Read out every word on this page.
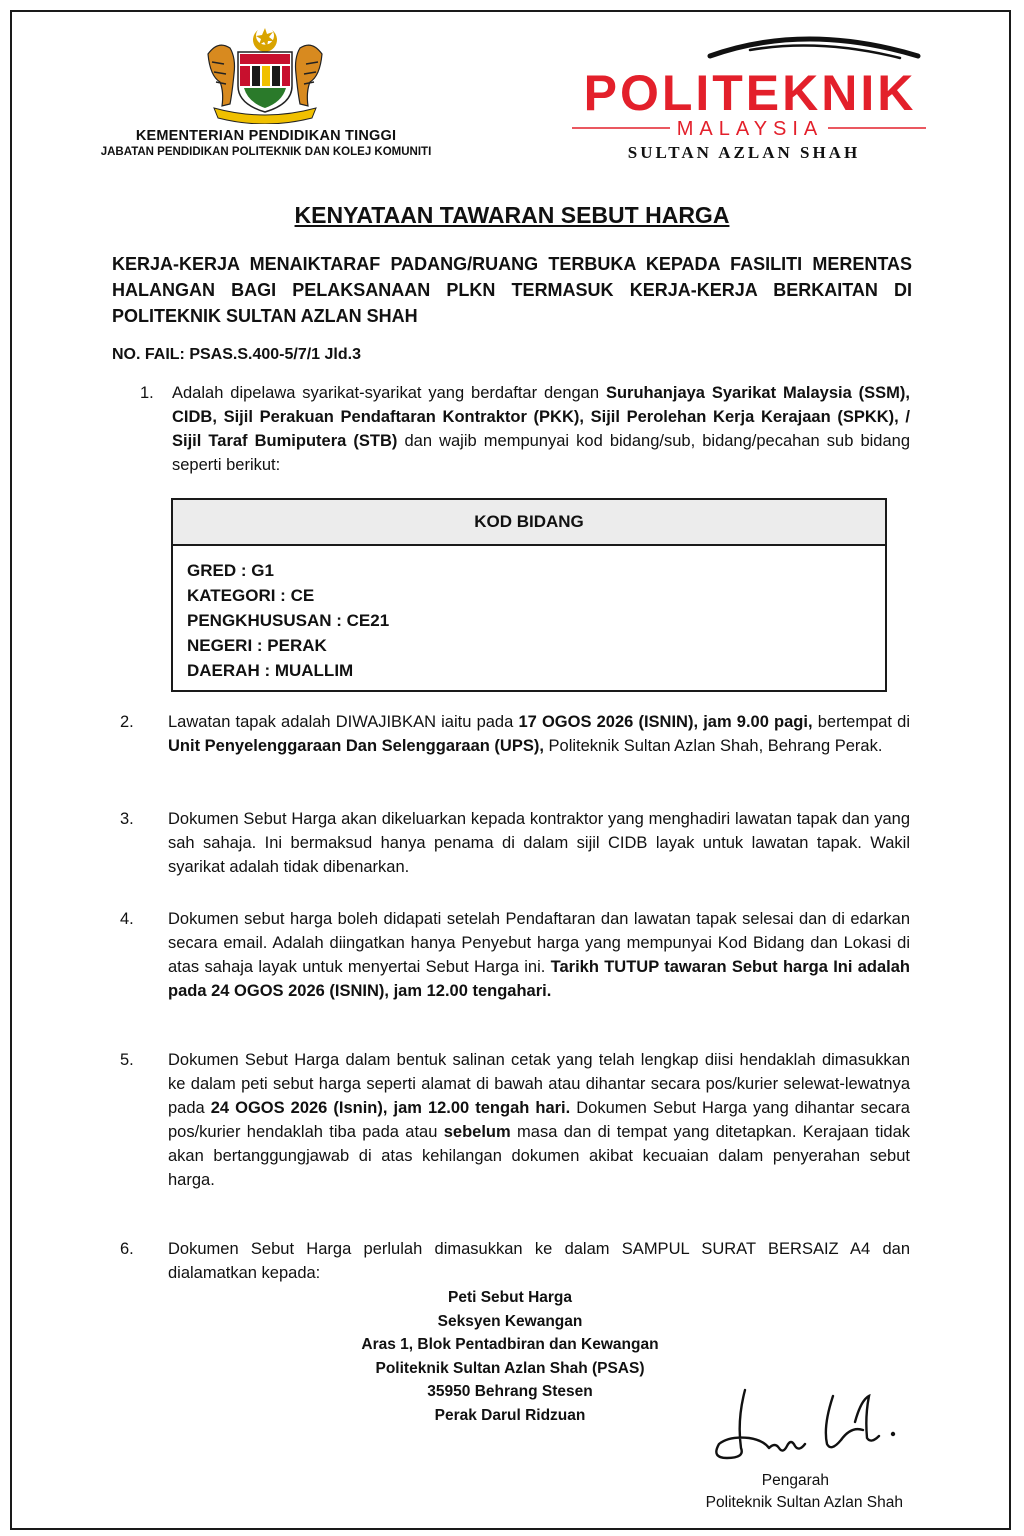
KEMENTERIAN PENDIDIKAN TINGGI
JABATAN PENDIDIKAN POLITEKNIK DAN KOLEJ KOMUNITI
POLITEKNIK
MALAYSIA
SULTAN AZLAN SHAH
KENYATAAN TAWARAN SEBUT HARGA
KERJA-KERJA MENAIKTARAF PADANG/RUANG TERBUKA KEPADA FASILITI MERENTAS HALANGAN BAGI PELAKSANAAN PLKN TERMASUK KERJA-KERJA BERKAITAN DI POLITEKNIK SULTAN AZLAN SHAH
NO. FAIL: PSAS.S.400-5/7/1 Jld.3
1.	Adalah dipelawa syarikat-syarikat yang berdaftar dengan Suruhanjaya Syarikat Malaysia (SSM), CIDB, Sijil Perakuan Pendaftaran Kontraktor (PKK), Sijil Perolehan Kerja Kerajaan (SPKK), / Sijil Taraf Bumiputera (STB) dan wajib mempunyai kod bidang/sub, bidang/pecahan sub bidang seperti berikut:
KOD BIDANG
GRED : G1
KATEGORI : CE
PENGKHUSUSAN : CE21
NEGERI : PERAK
DAERAH : MUALLIM
2.	Lawatan tapak adalah DIWAJIBKAN iaitu pada 17 OGOS 2026 (ISNIN), jam 9.00 pagi, bertempat di Unit Penyelenggaraan Dan Selenggaraan (UPS), Politeknik Sultan Azlan Shah, Behrang Perak.
3.	Dokumen Sebut Harga akan dikeluarkan kepada kontraktor yang menghadiri lawatan tapak dan yang sah sahaja. Ini bermaksud hanya penama di dalam sijil CIDB layak untuk lawatan tapak. Wakil syarikat adalah tidak dibenarkan.
4.	Dokumen sebut harga boleh didapati setelah Pendaftaran dan lawatan tapak selesai dan di edarkan secara email. Adalah diingatkan hanya Penyebut harga yang mempunyai Kod Bidang dan Lokasi di atas sahaja layak untuk menyertai Sebut Harga ini. Tarikh TUTUP tawaran Sebut harga Ini adalah pada 24 OGOS 2026 (ISNIN), jam 12.00 tengahari.
5.	Dokumen Sebut Harga dalam bentuk salinan cetak yang telah lengkap diisi hendaklah dimasukkan ke dalam peti sebut harga seperti alamat di bawah atau dihantar secara pos/kurier selewat-lewatnya pada 24 OGOS 2026 (Isnin), jam 12.00 tengah hari. Dokumen Sebut Harga yang dihantar secara pos/kurier hendaklah tiba pada atau sebelum masa dan di tempat yang ditetapkan. Kerajaan tidak akan bertanggungjawab di atas kehilangan dokumen akibat kecuaian dalam penyerahan sebut harga.
6.	Dokumen Sebut Harga perlulah dimasukkan ke dalam SAMPUL SURAT BERSAIZ A4 dan dialamatkan kepada:
Peti Sebut Harga
Seksyen Kewangan
Aras 1, Blok Pentadbiran dan Kewangan
Politeknik Sultan Azlan Shah (PSAS)
35950 Behrang Stesen
Perak Darul Ridzuan
Pengarah
Politeknik Sultan Azlan Shah
